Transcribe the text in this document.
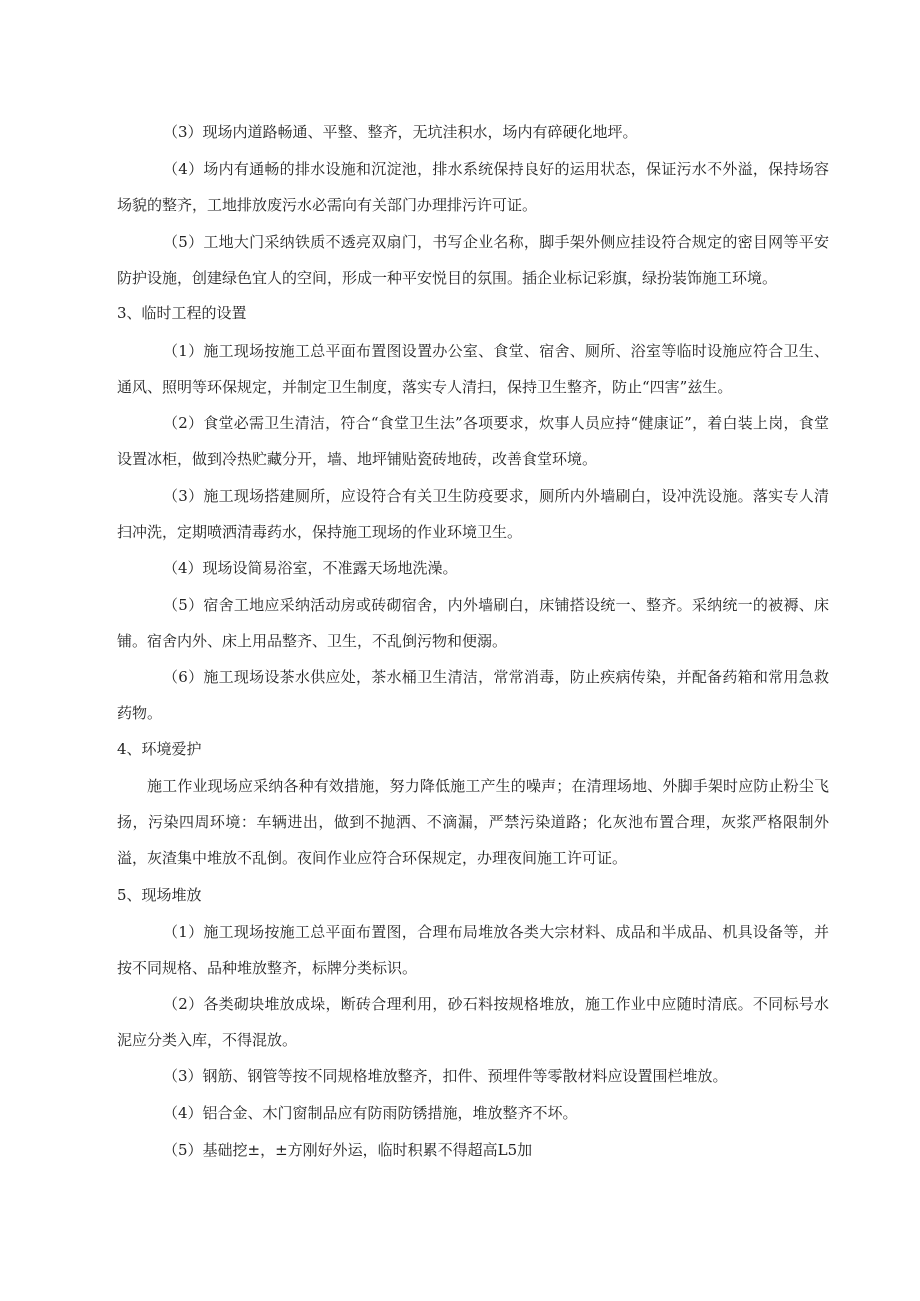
（3）现场内道路畅通、平整、整齐，无坑洼积水，场内有碎硬化地坪。

（4）场内有通畅的排水设施和沉淀池，排水系统保持良好的运用状态，保证污水不外溢，保持场容场貌的整齐，工地排放废污水必需向有关部门办理排污许可证。

（5）工地大门采纳铁质不透亮双扇门，书写企业名称，脚手架外侧应挂设符合规定的密目网等平安防护设施，创建绿色宜人的空间，形成一种平安悦目的氛围。插企业标记彩旗，绿扮装饰施工环境。

3、临时工程的设置

（1）施工现场按施工总平面布置图设置办公室、食堂、宿舍、厕所、浴室等临时设施应符合卫生、通风、照明等环保规定，并制定卫生制度，落实专人清扫，保持卫生整齐，防止“四害”兹生。

（2）食堂必需卫生清洁，符合“食堂卫生法”各项要求，炊事人员应持“健康证”，着白装上岗，食堂设置冰柜，做到冷热贮藏分开，墙、地坪铺贴瓷砖地砖，改善食堂环境。

（3）施工现场搭建厕所，应设符合有关卫生防疫要求，厕所内外墙刷白，设冲洗设施。落实专人清扫冲洗，定期喷洒清毒药水，保持施工现场的作业环境卫生。

（4）现场设简易浴室，不准露天场地洗澡。

（5）宿舍工地应采纳活动房或砖砌宿舍，内外墙刷白，床铺搭设统一、整齐。采纳统一的被褥、床铺。宿舍内外、床上用品整齐、卫生，不乱倒污物和便溺。

（6）施工现场设茶水供应处，茶水桶卫生清洁，常常消毒，防止疾病传染，并配备药箱和常用急救药物。

4、环境爱护

施工作业现场应采纳各种有效措施，努力降低施工产生的噪声；在清理场地、外脚手架时应防止粉尘飞扬，污染四周环境：车辆进出，做到不抛洒、不滴漏，严禁污染道路；化灰池布置合理，灰浆严格限制外溢，灰渣集中堆放不乱倒。夜间作业应符合环保规定，办理夜间施工许可证。

5、现场堆放

（1）施工现场按施工总平面布置图，合理布局堆放各类大宗材料、成品和半成品、机具设备等，并按不同规格、品种堆放整齐，标牌分类标识。

（2）各类砌块堆放成垛，断砖合理利用，砂石料按规格堆放，施工作业中应随时清底。不同标号水泥应分类入库，不得混放。

（3）钢筋、钢管等按不同规格堆放整齐，扣件、预埋件等零散材料应设置围栏堆放。

（4）铝合金、木门窗制品应有防雨防锈措施，堆放整齐不坏。

（5）基础挖±，±方刚好外运，临时积累不得超高L5加
